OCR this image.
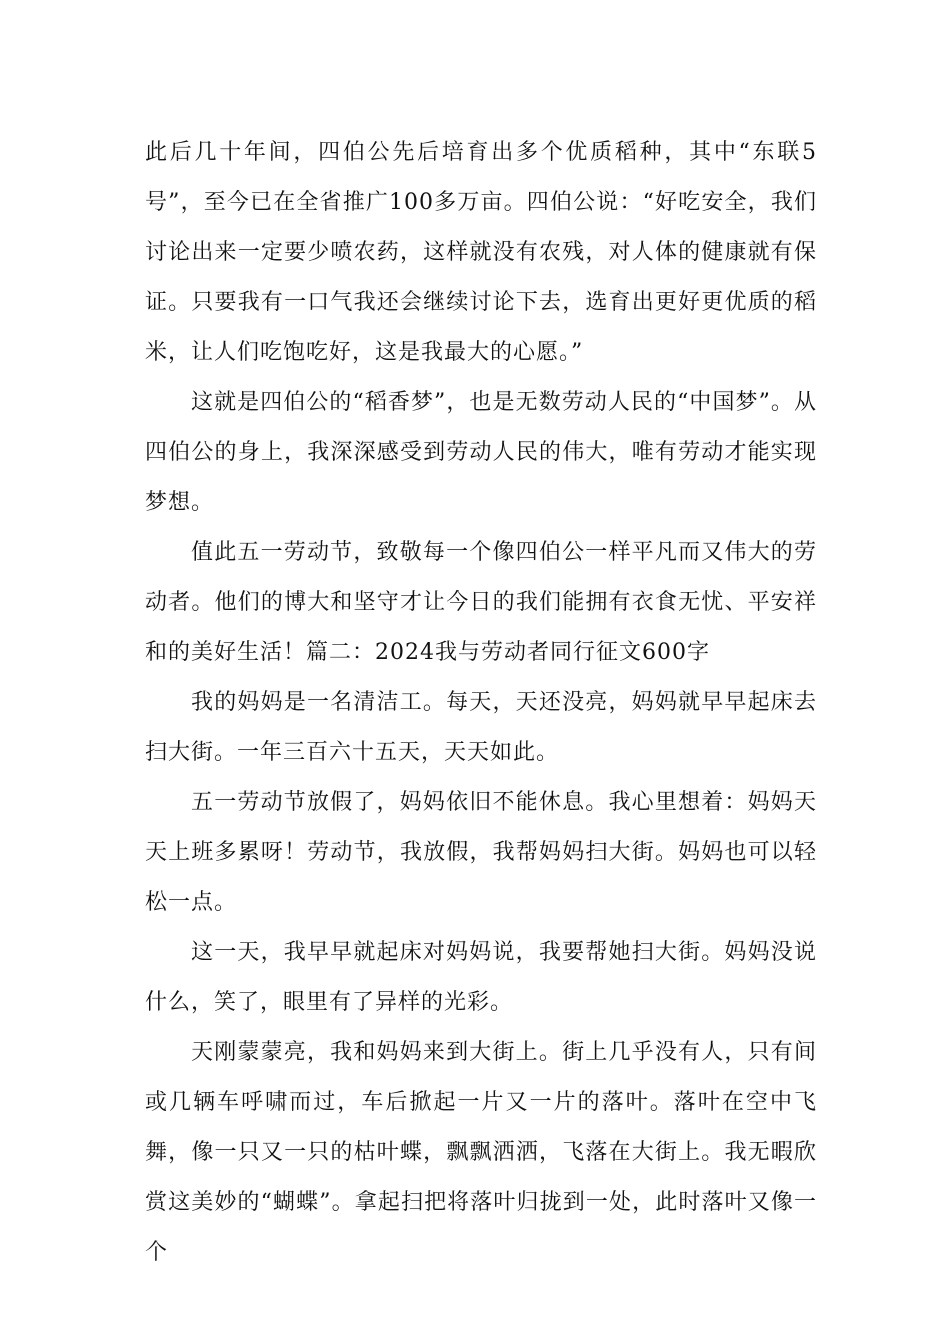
此后几十年间，四伯公先后培育出多个优质稻种，其中“东联5号”，至今已在全省推广100多万亩。四伯公说：“好吃安全，我们讨论出来一定要少喷农药，这样就没有农残，对人体的健康就有保证。只要我有一口气我还会继续讨论下去，选育出更好更优质的稻米，让人们吃饱吃好，这是我最大的心愿。”

这就是四伯公的“稻香梦”，也是无数劳动人民的“中国梦”。从四伯公的身上，我深深感受到劳动人民的伟大，唯有劳动才能实现梦想。

值此五一劳动节，致敬每一个像四伯公一样平凡而又伟大的劳动者。他们的博大和坚守才让今日的我们能拥有衣食无忧、平安祥和的美好生活！篇二：2024我与劳动者同行征文600字

我的妈妈是一名清洁工。每天，天还没亮，妈妈就早早起床去扫大街。一年三百六十五天，天天如此。

五一劳动节放假了，妈妈依旧不能休息。我心里想着：妈妈天天上班多累呀！劳动节，我放假，我帮妈妈扫大街。妈妈也可以轻松一点。

这一天，我早早就起床对妈妈说，我要帮她扫大街。妈妈没说什么，笑了，眼里有了异样的光彩。

天刚蒙蒙亮，我和妈妈来到大街上。街上几乎没有人，只有间或几辆车呼啸而过，车后掀起一片又一片的落叶。落叶在空中飞舞，像一只又一只的枯叶蝶，飘飘洒洒，飞落在大街上。我无暇欣赏这美妙的“蝴蝶”。拿起扫把将落叶归拢到一处，此时落叶又像一个
